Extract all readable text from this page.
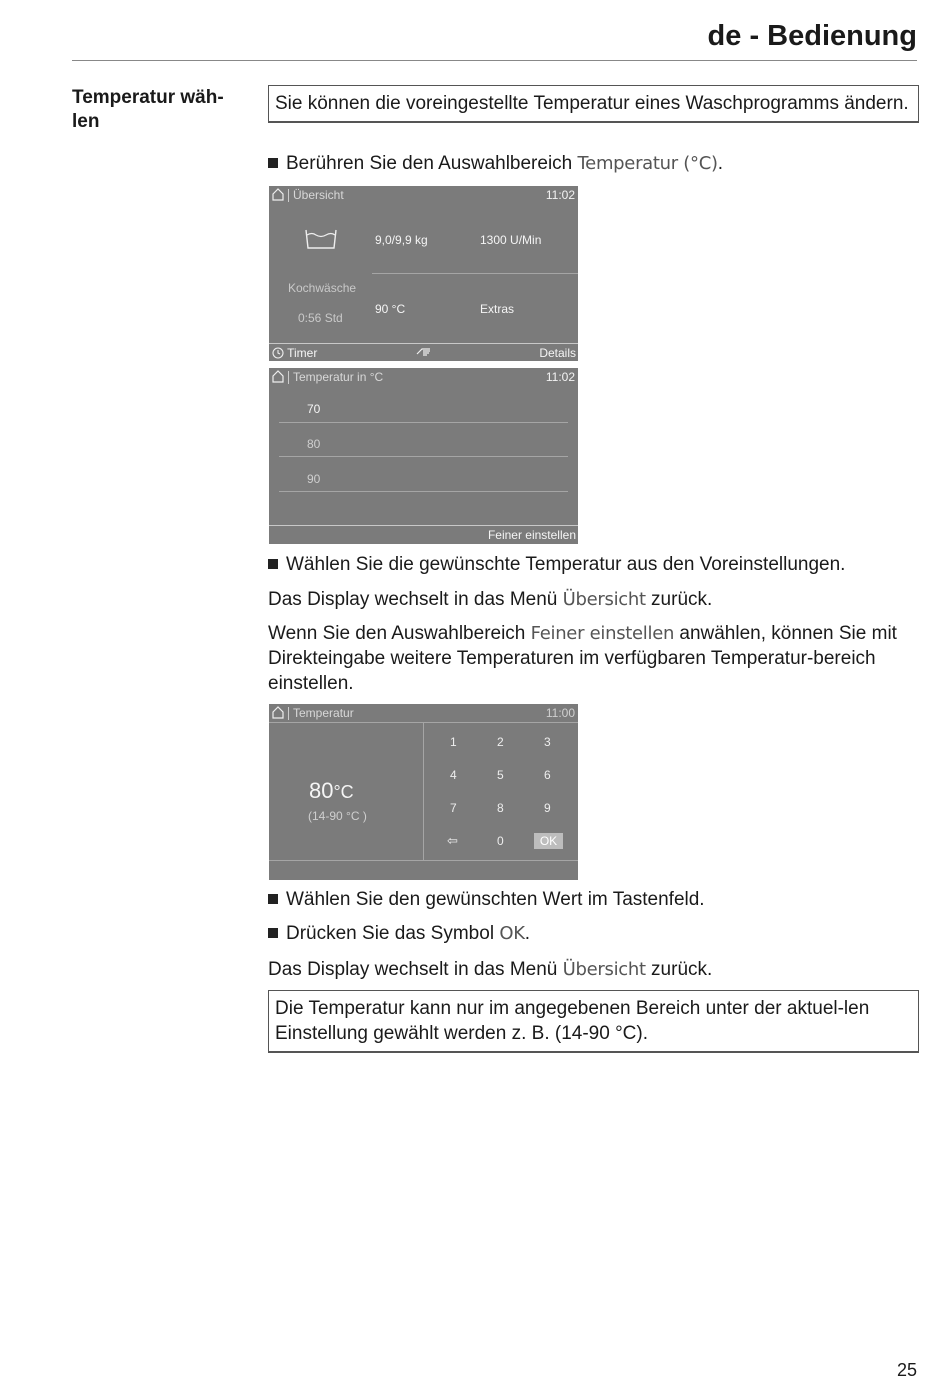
de - Bedienung
Temperatur wäh-
len
Sie können die voreingestellte Temperatur eines Waschprogramms ändern.
Berühren Sie den Auswahlbereich Temperatur (°C).
Übersicht	11:02
9,0/9,9 kg	1300 U/Min
Kochwäsche
0:56 Std
90 °C	Extras
Timer	Details
Temperatur in °C	11:02
70
80
90
Feiner einstellen
Wählen Sie die gewünschte Temperatur aus den Voreinstellungen.
Das Display wechselt in das Menü Übersicht zurück.
Wenn Sie den Auswahlbereich Feiner einstellen anwählen, können Sie mit Direkteingabe weitere Temperaturen im verfügbaren Temperatur-bereich einstellen.
Temperatur	11:00
80°C
(14-90 °C )
1	2	3
4	5	6
7	8	9
⇦	0	OK
Wählen Sie den gewünschten Wert im Tastenfeld.
Drücken Sie das Symbol OK.
Das Display wechselt in das Menü Übersicht zurück.
Die Temperatur kann nur im angegebenen Bereich unter der aktuel-len Einstellung gewählt werden z. B. (14-90 °C).
25
